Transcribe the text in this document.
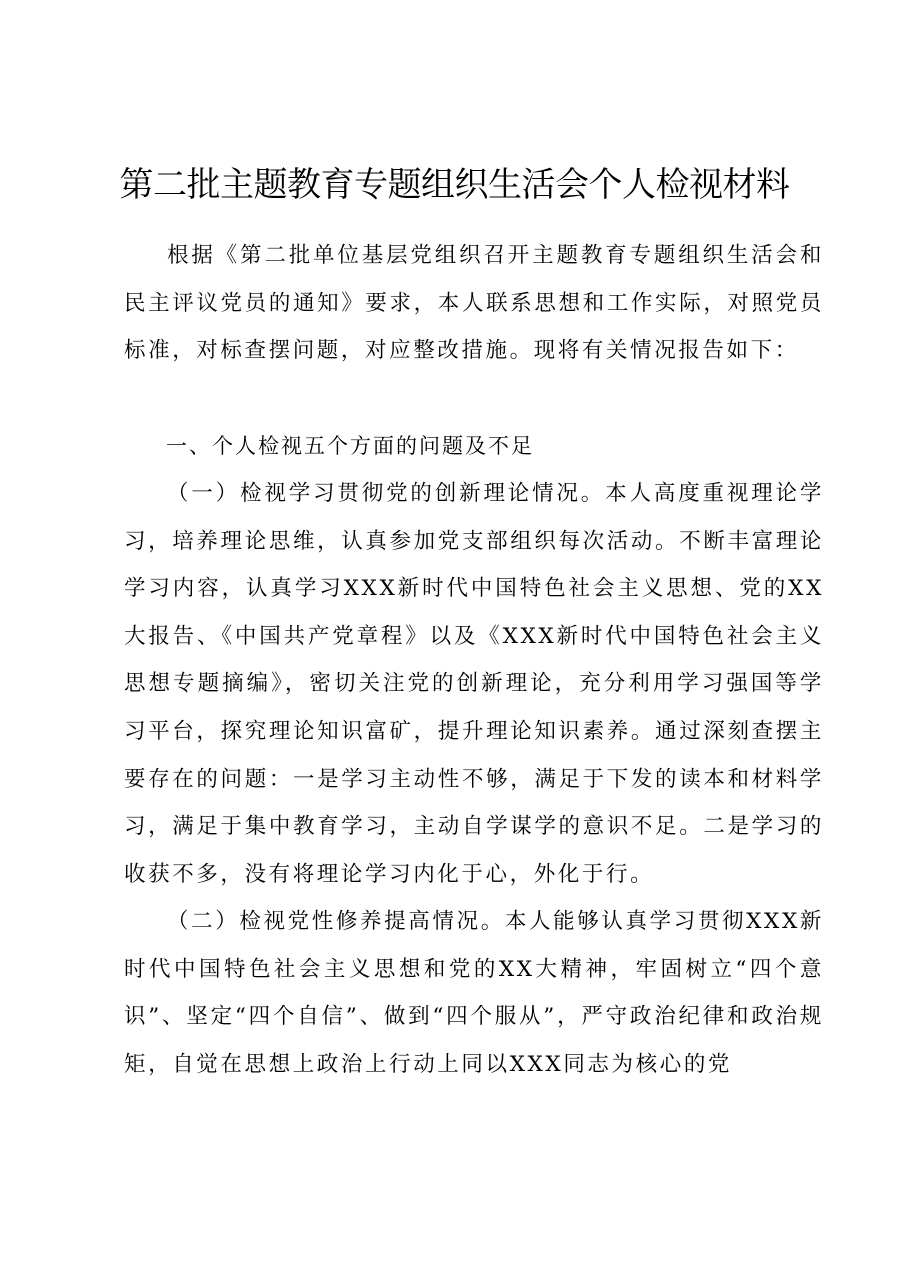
第二批主题教育专题组织生活会个人检视材料

根据《第二批单位基层党组织召开主题教育专题组织生活会和民主评议党员的通知》要求，本人联系思想和工作实际，对照党员标准，对标查摆问题，对应整改措施。现将有关情况报告如下：

一、个人检视五个方面的问题及不足

（一）检视学习贯彻党的创新理论情况。本人高度重视理论学习，培养理论思维，认真参加党支部组织每次活动。不断丰富理论学习内容，认真学习XXX新时代中国特色社会主义思想、党的XX大报告、《中国共产党章程》以及《XXX新时代中国特色社会主义思想专题摘编》，密切关注党的创新理论，充分利用学习强国等学习平台，探究理论知识富矿，提升理论知识素养。通过深刻查摆主要存在的问题：一是学习主动性不够，满足于下发的读本和材料学习，满足于集中教育学习，主动自学谋学的意识不足。二是学习的收获不多，没有将理论学习内化于心，外化于行。

（二）检视党性修养提高情况。本人能够认真学习贯彻XXX新时代中国特色社会主义思想和党的XX大精神，牢固树立“四个意识”、坚定“四个自信”、做到“四个服从”，严守政治纪律和政治规矩，自觉在思想上政治上行动上同以XXX同志为核心的党
